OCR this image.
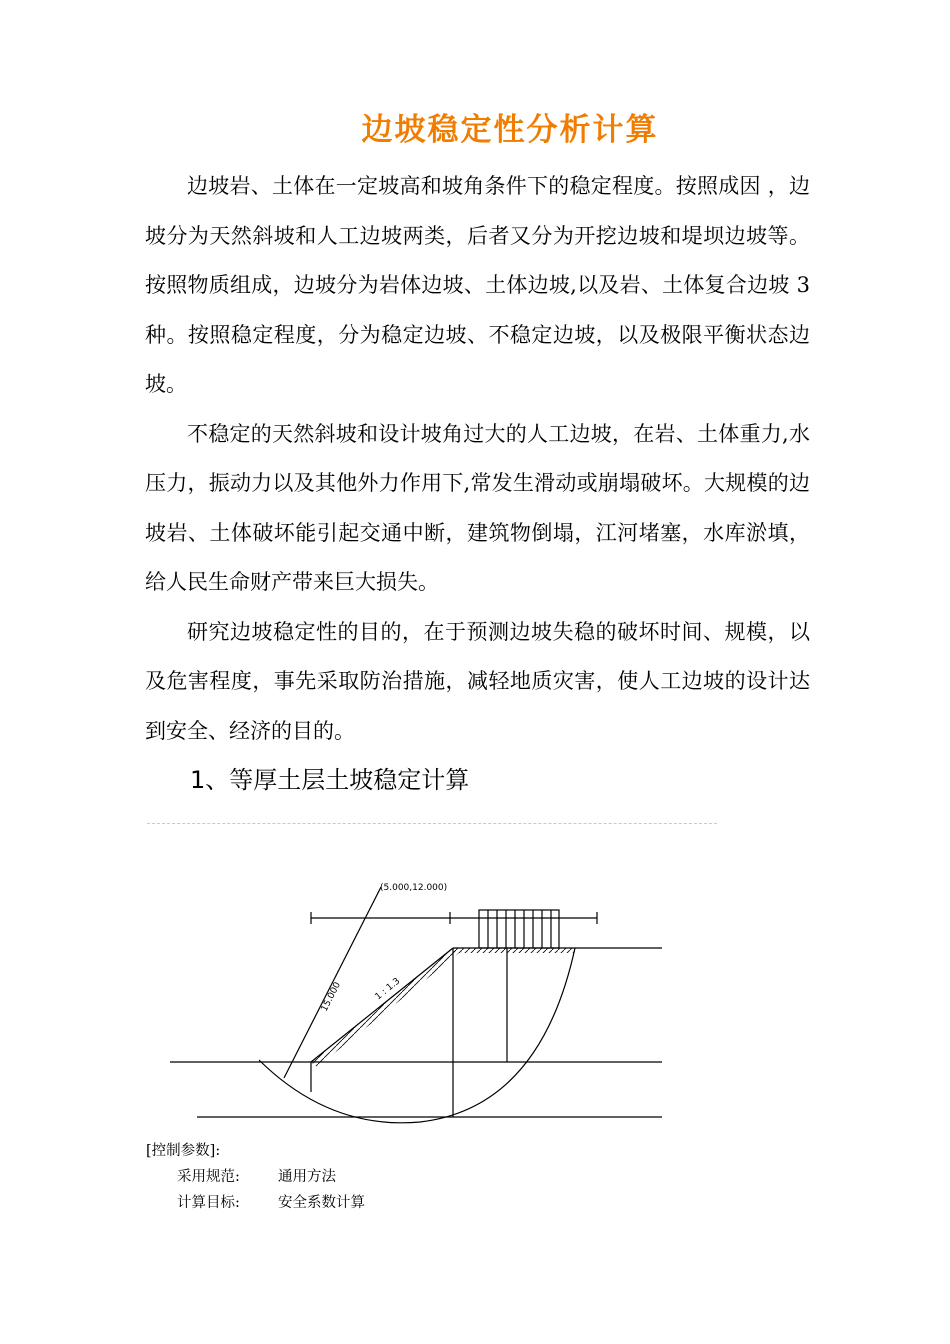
边坡稳定性分析计算

边坡岩、土体在一定坡高和坡角条件下的稳定程度。按照成因 ，边坡分为天然斜坡和人工边坡两类，后者又分为开挖边坡和堤坝边坡等。按照物质组成，边坡分为岩体边坡、土体边坡,以及岩、土体复合边坡 3 种。按照稳定程度，分为稳定边坡、不稳定边坡，以及极限平衡状态边坡。

不稳定的天然斜坡和设计坡角过大的人工边坡，在岩、土体重力,水压力，振动力以及其他外力作用下,常发生滑动或崩塌破坏。大规模的边坡岩、土体破坏能引起交通中断，建筑物倒塌，江河堵塞，水库淤填，给人民生命财产带来巨大损失。

研究边坡稳定性的目的，在于预测边坡失稳的破坏时间、规模，以及危害程度，事先采取防治措施，减轻地质灾害，使人工边坡的设计达到安全、经济的目的。

1、等厚土层土坡稳定计算
(5.000,12.000)
15.000	1 : 1.3
[控制参数]:
采用规范:	通用方法
计算目标:	安全系数计算
